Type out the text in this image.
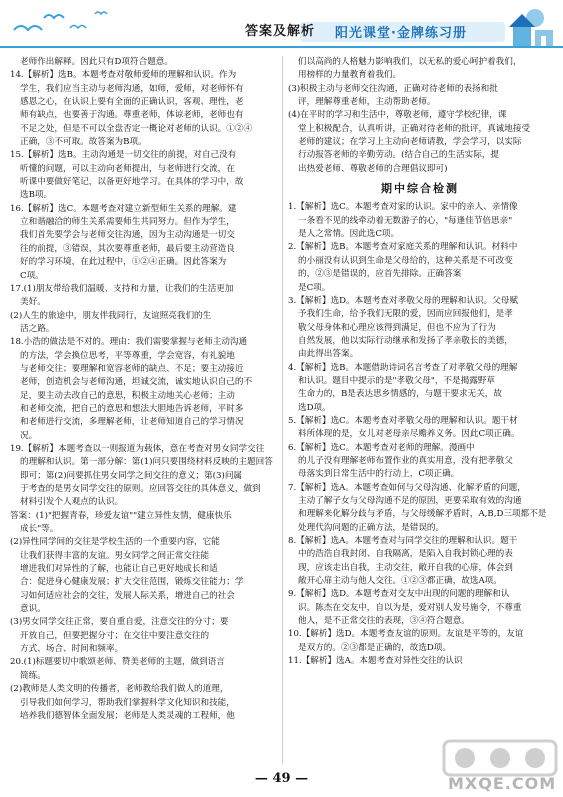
答案及解析 阳光课堂·金牌练习册

老师作出解释。因此只有D项符合题意。

14.【解析】选B。本题考查对敬师爱师的理解和认识。作为

学生，我们应当主动与老师沟通，如师，爱师，对老师怀有

感恩之心，在认识上要有全面的正确认识，客观、理性，老

师有缺点，也要善于沟通。尊重老师，体谅老师，老师也有

不足之处，但是不可以全盘否定一概论对老师的认识。①②④

正确，③不可取。故答案为B项。

15.【解析】选B。主动沟通是一切交往的前提，对自己没有

听懂的问题，可以主动向老师提出，与老师进行交流，在

听课中要做好笔记，以备更好地学习。在具体的学习中，故

选B项。

16.【解析】选C。本题考查对建立新型师生关系的理解。建

立和谐融洽的师生关系需要师生共同努力。但作为学生，

我们首先要学会与老师交往沟通，因为主动沟通是一切交

往的前提，③错误，其次要尊重老师，最后要主动营造良

好的学习环境，在此过程中，①②④正确。因此答案为

C项。

17.(1)朋友带给我们温暖、支持和力量，让我们的生活更加

美好。

(2)人生的旅途中，朋友伴我同行，友谊照亮我们的生

活之路。

18.小浩的做法是不对的。理由：我们需要掌握与老师主动沟通

的方法，学会换位思考，平等尊重，学会宽容，有礼貌地

与老师交往；要理解和宽容老师的缺点、不足；要主动接近

老师，创造机会与老师沟通，坦诚交流，诚实地认识自己的不

足，要主动去改自己的意思，积极主动地关心老师；主动

和老师交流，把自己的意思和想法大胆地告诉老师，平时多

和老师进行交流，多理解老师，让老师知道自己的学习情况

况。

19.【解析】本题考查以一则报道为载体，意在考查对男女同学交往

的理解和认识。第一部分解：第(1)问只要围绕材料反映的主题回答

即可；第(2)问要抓住男女同学之间交往的意义；第(3)问属

于考查的是男女同学交往的原则。应回答交往的具体意义，做到

材料引发个人观点的认识。

答案：(1)"把握青春，珍爱友谊""建立异性友情，健康快乐

成长"等。

(2)异性同学间的交往是学校生活的一个重要内容，它能

让我们获得丰富的友谊。男女同学之间正常交往能

增进我们对异性的了解，也能让自己更好地成长和适

合：促进身心健康发展；扩大交往范围，锻炼交往能力；学

习如何适应社会的交往，发展人际关系，增进自己的社会

意识。

(3)男女同学交往正常，要自重自爱，注意交往的分寸；要

开放自己，但要把握分寸；在交往中要注意交往的

方式、场合、时间和频率。

20.(1)标题要切中歌颂老师、赞美老师的主题，做到语言

简练。

(2)教师是人类文明的传播者，老师教给我们做人的道理，

引导我们如何学习，帮助我们掌握科学文化知识和技能，

培养我们德智体全面发展；老师是人类灵魂的工程师，他

们以高尚的人格魅力影响我们，以无私的爱心呵护着我们，

用榜样的力量教育着我们。

(3)积极主动与老师交往沟通，正确对待老师的表扬和批

评，理解尊重老师，主动帮助老师。

(4)在平时的学习和生活中，尊敬老师，遵守学校纪律，课

堂上积极配合，认真听讲，正确对待老师的批评，真诚地接受

老师的建议；在学习上主动向老师请教，学会学习，以实际

行动报答老师的辛勤劳动。(结合自己的生活实际，提

出热爱老师、尊敬老师的合理倡议即可)

期中综合检测

1.【解析】选C。本题考查对家的认识。家中的亲人、亲情像

一条看不见的线牵动着无数游子的心，"每逢佳节倍思亲"

是人之常情。因此选C项。

2.【解析】选B。本题考查对家庭关系的理解和认识。材料中

的小丽没有认识到生命是父母给的，这种关系是不可改变

的，②③是错误的，应首先排除。正确答案

是C项。

3.【解析】选D。本题考查对孝敬父母的理解和认识。父母赋

予我们生命，给予我们无限的爱，因而应回报他们，是孝

敬父母身体和心理应该得到满足，但也不应为了行为

自然发展，他以实际行动继承和发扬了孝亲敬长的美德，

由此得出答案。

4.【解析】选B。本题借助诗词名言考查了对孝敬父母的理解

和认识。题目中提示的是"孝敬父母"，不是揭露野草

生命力的，B是表达思乡情感的，与题干要求无关，故

选D项。

5.【解析】选C。本题考查对孝敬父母的理解和认识。题干材

料所体现的是，女儿对老母亲尽赡养义务。因此C项正确。

6.【解析】选C。本题考查对老师的理解。漫画中

的儿子没有理解老师布置作业的真实用意，没有把孝敬父

母落实到日常生活中的行动上，C项正确。

7.【解析】选A。本题考查如何与父母沟通、化解矛盾的问题，

主动了解子女与父母沟通不足的原因，更要采取有效的沟通

和理解来化解分歧与矛盾，与父母缓解矛盾时，A,B,D三项都不是

处理代沟问题的正确方法，是错误的。

8.【解析】选A。本题考查对与同学交往的理解和认识。题干

中的浩浩自我封闭、自我隔离，是陷入自我封锁心理的表

现，应该走出自我，主动交往，敞开自我的心扉，体会到

敞开心扉主动与他人交往。①②③都正确，故选A项。

9.【解析】选D。本题考查对交友中出现的问题的理解和认

识。陈杰在交友中，自以为是，爱对别人发号施令，不尊重

他人，是不正常交往的表现，③④符合题意。

10.【解析】选D。本题考查友谊的原则。友谊是平等的，友谊

是双方的。②③都是正确的，故选D项。

11.【解析】选A。本题考查对异性交往的认识

— 49 —	MXQE.COM
